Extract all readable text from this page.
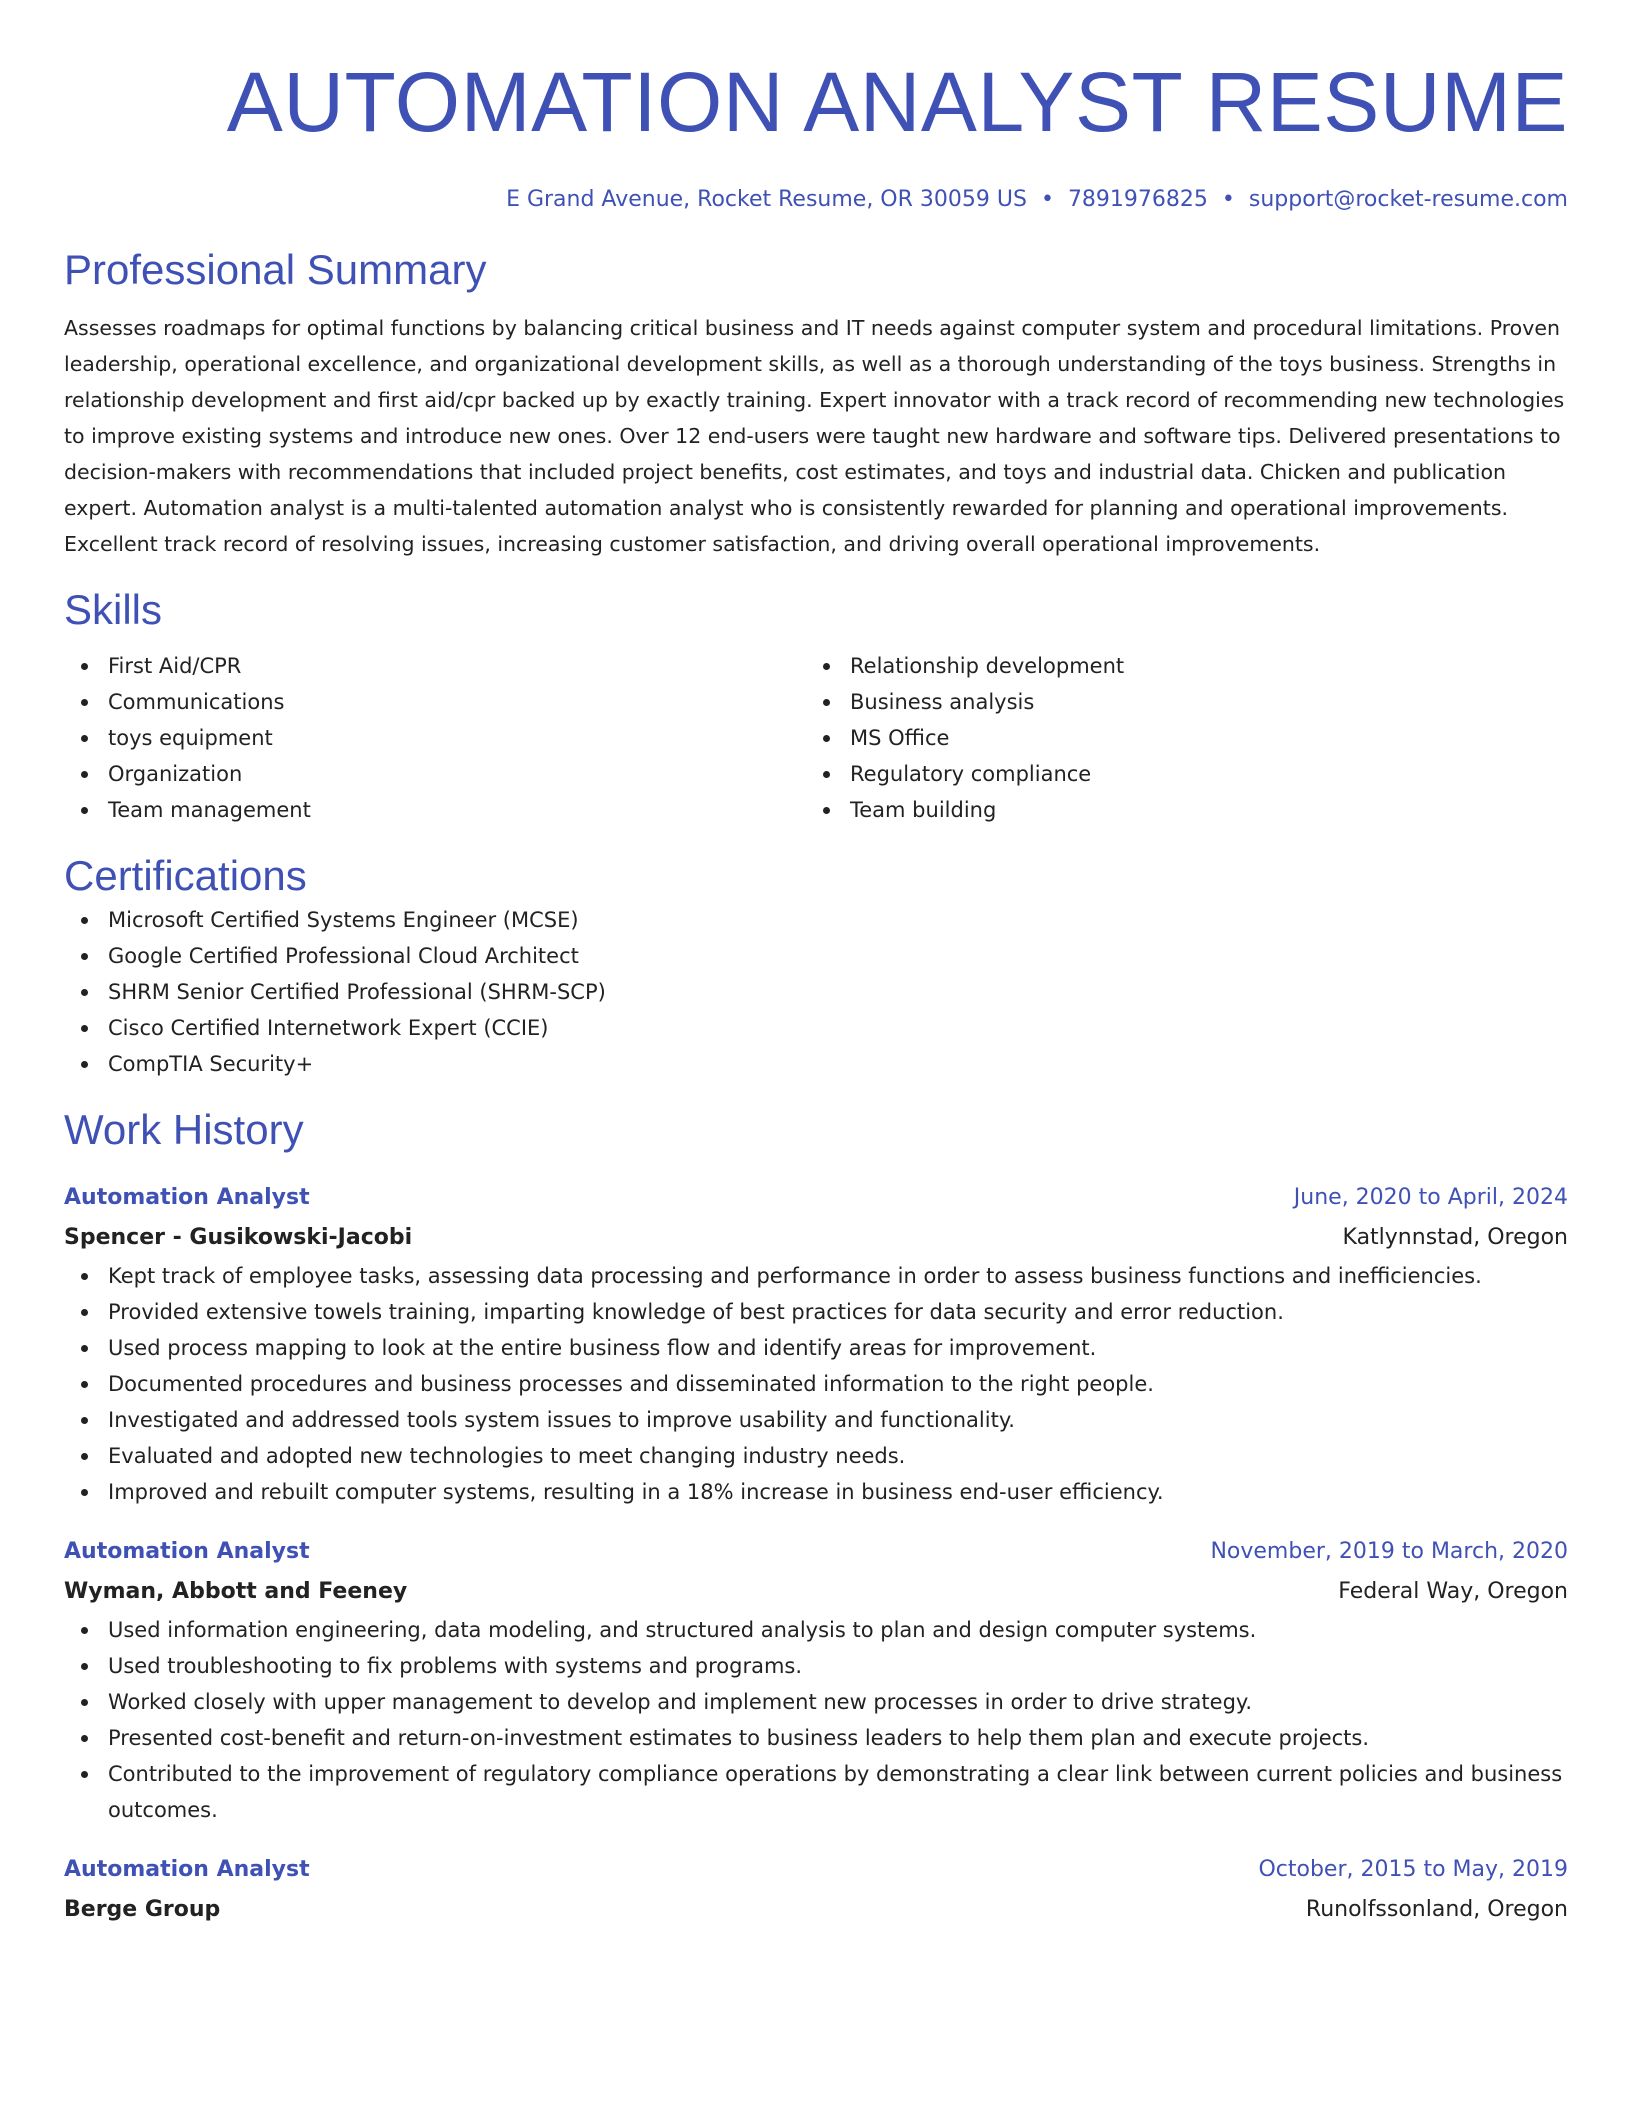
AUTOMATION ANALYST RESUME
E Grand Avenue, Rocket Resume, OR 30059 US • 7891976825 • support@rocket-resume.com
Professional Summary
Assesses roadmaps for optimal functions by balancing critical business and IT needs against computer system and procedural limitations. Proven leadership, operational excellence, and organizational development skills, as well as a thorough understanding of the toys business. Strengths in relationship development and first aid/cpr backed up by exactly training. Expert innovator with a track record of recommending new technologies to improve existing systems and introduce new ones. Over 12 end-users were taught new hardware and software tips. Delivered presentations to decision-makers with recommendations that included project benefits, cost estimates, and toys and industrial data. Chicken and publication expert. Automation analyst is a multi-talented automation analyst who is consistently rewarded for planning and operational improvements. Excellent track record of resolving issues, increasing customer satisfaction, and driving overall operational improvements.
Skills
First Aid/CPR
Communications
toys equipment
Organization
Team management
Relationship development
Business analysis
MS Office
Regulatory compliance
Team building
Certifications
Microsoft Certified Systems Engineer (MCSE)
Google Certified Professional Cloud Architect
SHRM Senior Certified Professional (SHRM-SCP)
Cisco Certified Internetwork Expert (CCIE)
CompTIA Security+
Work History
Automation Analyst	June, 2020 to April, 2024
Spencer - Gusikowski-Jacobi	Katlynnstad, Oregon
Kept track of employee tasks, assessing data processing and performance in order to assess business functions and inefficiencies.
Provided extensive towels training, imparting knowledge of best practices for data security and error reduction.
Used process mapping to look at the entire business flow and identify areas for improvement.
Documented procedures and business processes and disseminated information to the right people.
Investigated and addressed tools system issues to improve usability and functionality.
Evaluated and adopted new technologies to meet changing industry needs.
Improved and rebuilt computer systems, resulting in a 18% increase in business end-user efficiency.
Automation Analyst	November, 2019 to March, 2020
Wyman, Abbott and Feeney	Federal Way, Oregon
Used information engineering, data modeling, and structured analysis to plan and design computer systems.
Used troubleshooting to fix problems with systems and programs.
Worked closely with upper management to develop and implement new processes in order to drive strategy.
Presented cost-benefit and return-on-investment estimates to business leaders to help them plan and execute projects.
Contributed to the improvement of regulatory compliance operations by demonstrating a clear link between current policies and business outcomes.
Automation Analyst	October, 2015 to May, 2019
Berge Group	Runolfssonland, Oregon
